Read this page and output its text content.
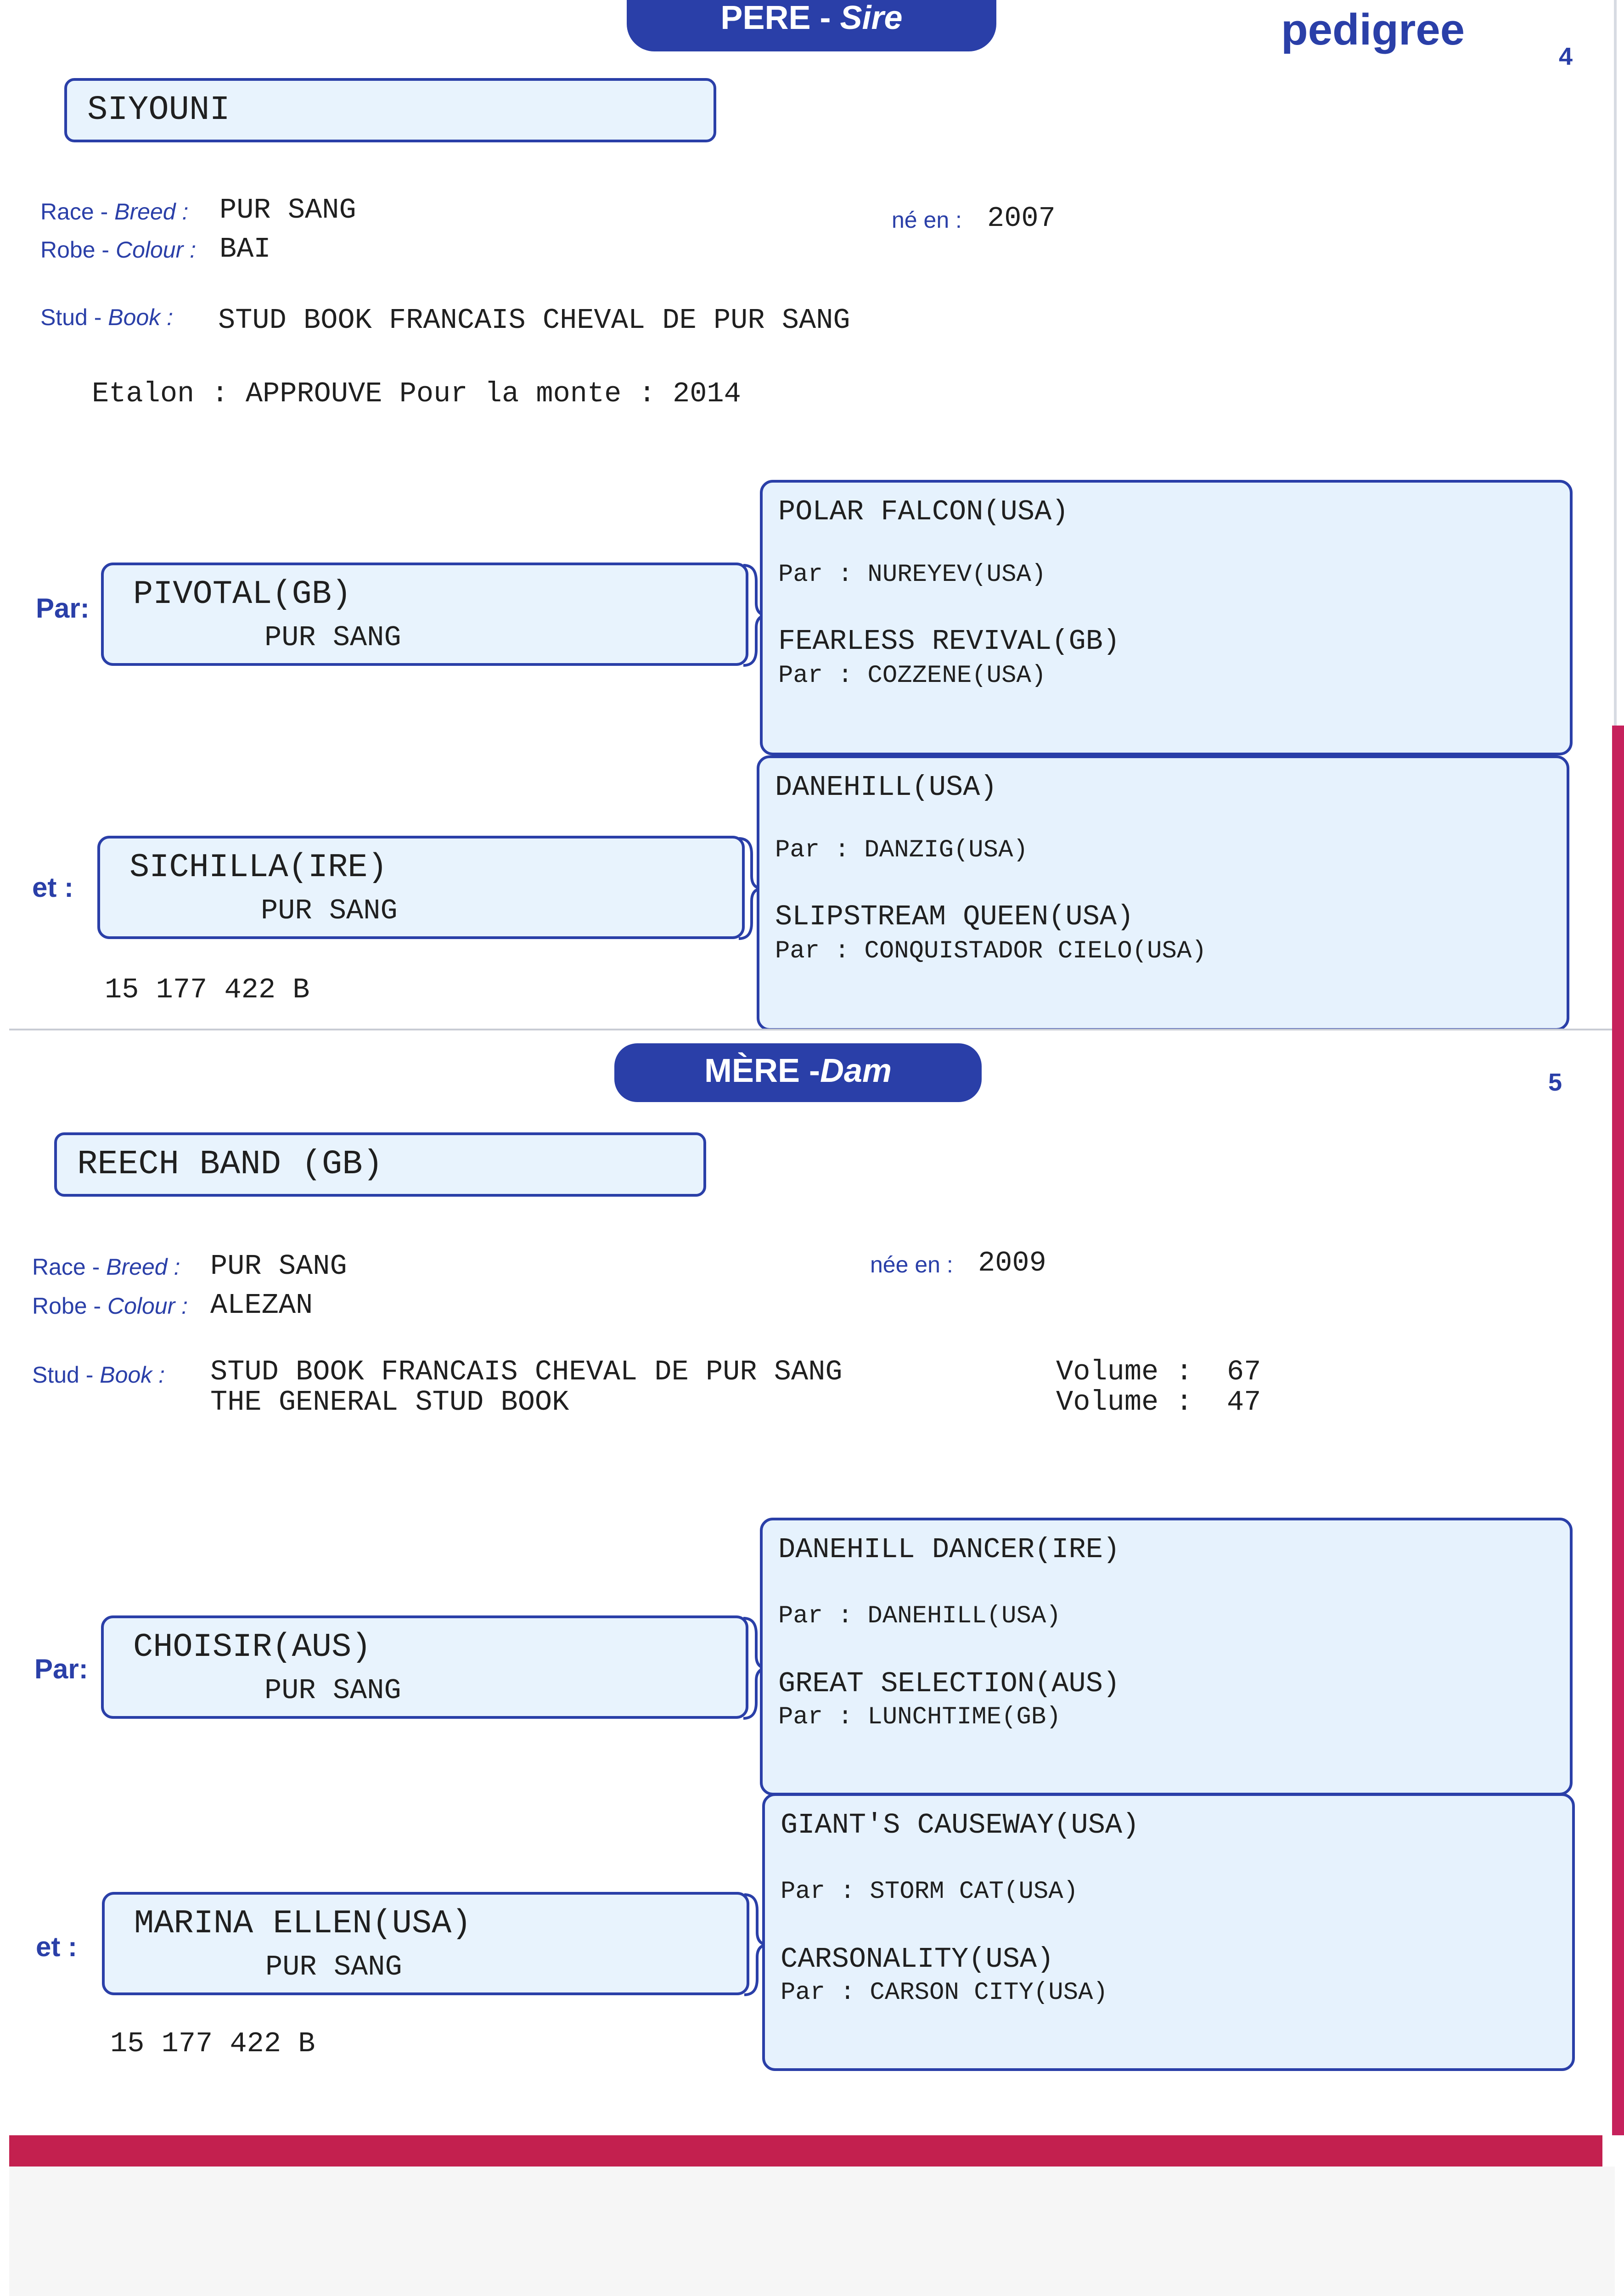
PERE - Sire	pedigree
4
SIYOUNI
Race - Breed : PUR SANG
Robe - Colour : BAI
né en : 2007
Stud - Book : STUD BOOK FRANCAIS CHEVAL DE PUR SANG
Etalon : APPROUVE Pour la monte : 2014
Par:
et :
PIVOTAL(GB)
PUR SANG
SICHILLA(IRE)
PUR SANG
POLAR FALCON(USA)
Par : NUREYEV(USA)
FEARLESS REVIVAL(GB)
Par : COZZENE(USA)
DANEHILL(USA)
Par : DANZIG(USA)
SLIPSTREAM QUEEN(USA)
Par : CONQUISTADOR CIELO(USA)
15 177 422 B
MÈRE -Dam	5
REECH BAND (GB)
Race - Breed : PUR SANG
Robe - Colour : ALEZAN
née en : 2009
Stud - Book : STUD BOOK FRANCAIS CHEVAL DE PUR SANG
THE GENERAL STUD BOOK
Volume :  67
Volume :  47
Par:
et :
CHOISIR(AUS)
PUR SANG
MARINA ELLEN(USA)
PUR SANG
DANEHILL DANCER(IRE)
Par : DANEHILL(USA)
GREAT SELECTION(AUS)
Par : LUNCHTIME(GB)
GIANT'S CAUSEWAY(USA)
Par : STORM CAT(USA)
CARSONALITY(USA)
Par : CARSON CITY(USA)
15 177 422 B
